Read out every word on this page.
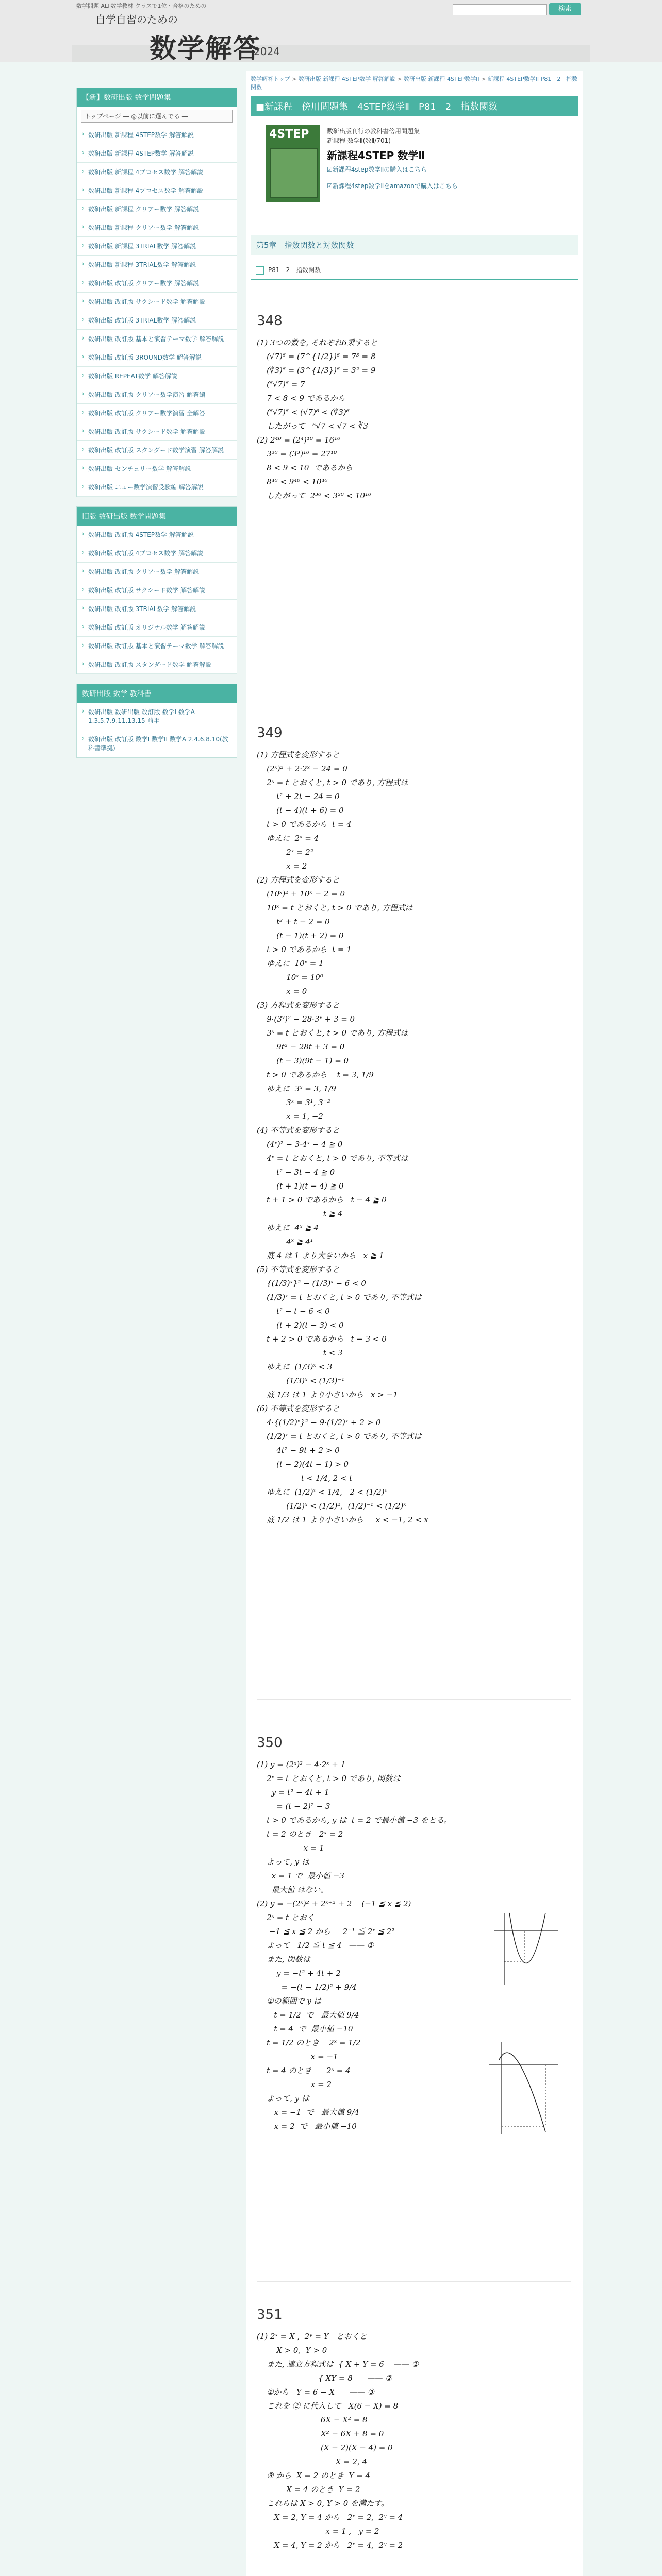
数学問題 ALT数学教材 クラスで1位・合格のための
自学自習のための
数学解答
2024
検索
【新】数研出版 数学問題集
トップページ ― ◎以前に選んでる ―
› 数研出版 新課程 4STEP数学 解答解説
› 数研出版 新課程 4STEP数学 解答解説
› 数研出版 新課程 4プロセス数学 解答解説
› 数研出版 新課程 4プロセス数学 解答解説
› 数研出版 新課程 クリアー数学 解答解説
› 数研出版 新課程 クリアー数学 解答解説
› 数研出版 新課程 3TRIAL数学 解答解説
› 数研出版 新課程 3TRIAL数学 解答解説
› 数研出版 改訂版 クリアー数学 解答解説
› 数研出版 改訂版 サクシード数学 解答解説
› 数研出版 改訂版 3TRIAL数学 解答解説
› 数研出版 改訂版 基本と演習テーマ数学 解答解説
› 数研出版 改訂版 3ROUND数学 解答解説
› 数研出版 REPEAT数学 解答解説
› 数研出版 改訂版 クリアー数学演習 解答編
› 数研出版 改訂版 クリアー数学演習 全解答
› 数研出版 改訂版 サクシード数学 解答解説
› 数研出版 改訂版 スタンダード数学演習 解答解説
› 数研出版 センチュリー数学 解答解説
› 数研出版 ニュー数学演習受験編 解答解説
旧版 数研出版 数学問題集
› 数研出版 改訂版 4STEP数学 解答解説
› 数研出版 改訂版 4プロセス数学 解答解説
› 数研出版 改訂版 クリアー数学 解答解説
› 数研出版 改訂版 サクシード数学 解答解説
› 数研出版 改訂版 3TRIAL数学 解答解説
› 数研出版 改訂版 オリジナル数学 解答解説
› 数研出版 改訂版 基本と演習テーマ数学 解答解説
› 数研出版 改訂版 スタンダード数学 解答解説
数研出版 数学 教科書
› 数研出版 数研出版 改訂版 数学I 数学A 1.3.5.7.9.11.13.15 前半
› 数研出版 改訂版 数学I 数学II 数学A 2.4.6.8.10(教科書準拠)
数学解答トップ > 数研出版 新課程 4STEP数学 解答解説 > 数研出版 新課程 4STEP数学II > 新課程 4STEP数学II P81　2　指数関数
■新課程　傍用問題集　4STEP数学Ⅱ　P81　2　指数関数
4STEP	数研出版刊行の教科書傍用問題集
新課程 数学Ⅱ(数Ⅱ/701)
新課程4STEP 数学Ⅱ
☑新課程4step数学Ⅱの購入はこちら
☑新課程4step数学Ⅱをamazonで購入はこちら
第5章　指数関数と対数関数
P81　2　指数関数
348
(1) 3つの数を, それぞれ6乗すると
(√7)⁶ = (7^{1/2})⁶ = 7³ = 8
(∛3)⁶ = (3^{1/3})⁶ = 3² = 9
(⁶√7)⁶ = 7
7 < 8 < 9 であるから
(⁶√7)⁶ < (√7)⁶ < (∛3)⁶
したがって   ⁶√7 < √7 < ∛3
(2) 2⁴⁰ = (2⁴)¹⁰ = 16¹⁰
3³⁰ = (3³)¹⁰ = 27¹⁰
8 < 9 < 10  であるから
8⁴⁰ < 9⁴⁰ < 10⁴⁰
したがって  2³⁰ < 3²⁰ < 10¹⁰
349
(1) 方程式を変形すると
(2ˣ)² + 2·2ˣ − 24 = 0
2ˣ = t とおくと, t > 0 であり, 方程式は
t² + 2t − 24 = 0
(t − 4)(t + 6) = 0
t > 0 であるから  t = 4
ゆえに  2ˣ = 4
2ˣ = 2²
x = 2
(2) 方程式を変形すると
(10ˣ)² + 10ˣ − 2 = 0
10ˣ = t とおくと, t > 0 であり, 方程式は
t² + t − 2 = 0
(t − 1)(t + 2) = 0
t > 0 であるから  t = 1
ゆえに  10ˣ = 1
10ˣ = 10⁰
x = 0
(3) 方程式を変形すると
9·(3ˣ)² − 28·3ˣ + 3 = 0
3ˣ = t とおくと, t > 0 であり, 方程式は
9t² − 28t + 3 = 0
(t − 3)(9t − 1) = 0
t > 0 であるから    t = 3, 1/9
ゆえに  3ˣ = 3, 1/9
3ˣ = 3¹, 3⁻²
x = 1, −2
(4) 不等式を変形すると
(4ˣ)² − 3·4ˣ − 4 ≧ 0
4ˣ = t とおくと, t > 0 であり, 不等式は
t² − 3t − 4 ≧ 0
(t + 1)(t − 4) ≧ 0
t + 1 > 0 であるから   t − 4 ≧ 0
t ≧ 4
ゆえに  4ˣ ≧ 4
4ˣ ≧ 4¹
底 4 は 1 より大きいから   x ≧ 1
(5) 不等式を変形すると
{(1/3)ˣ}² − (1/3)ˣ − 6 < 0
(1/3)ˣ = t とおくと, t > 0 であり, 不等式は
t² − t − 6 < 0
(t + 2)(t − 3) < 0
t + 2 > 0 であるから   t − 3 < 0
t < 3
ゆえに  (1/3)ˣ < 3
(1/3)ˣ < (1/3)⁻¹
底 1/3 は 1 より小さいから   x > −1
(6) 不等式を変形すると
4·{(1/2)ˣ}² − 9·(1/2)ˣ + 2 > 0
(1/2)ˣ = t とおくと, t > 0 であり, 不等式は
4t² − 9t + 2 > 0
(t − 2)(4t − 1) > 0
t < 1/4, 2 < t
ゆえに  (1/2)ˣ < 1/4,   2 < (1/2)ˣ
(1/2)ˣ < (1/2)²,  (1/2)⁻¹ < (1/2)ˣ
底 1/2 は 1 より小さいから     x < −1, 2 < x
350
(1) y = (2ˣ)² − 4·2ˣ + 1
2ˣ = t とおくと, t > 0 であり, 関数は
y = t² − 4t + 1
= (t − 2)² − 3
t > 0 であるから, y は  t = 2 で最小値 −3 をとる。
t = 2 のとき   2ˣ = 2
x = 1
よって, y は
x = 1 で  最小値 −3
最大値 はない。
(2) y = −(2ˣ)² + 2ˣ⁺² + 2    (−1 ≦ x ≦ 2)
2ˣ = t とおく
−1 ≦ x ≦ 2 から     2⁻¹ ≦ 2ˣ ≦ 2²
よって   1/2 ≦ t ≦ 4   —— ①
また, 関数は
y = −t² + 4t + 2
= −(t − 1/2)² + 9/4
①の範囲で y は
t = 1/2  で   最大値 9/4
t = 4  で  最小値 −10
t = 1/2 のとき    2ˣ = 1/2
x = −1
t = 4 のとき      2ˣ = 4
x = 2
よって, y は
x = −1  で   最大値 9/4
x = 2  で   最小値 −10
351
(1) 2ˣ = X ,  2ʸ = Y   とおくと
X > 0,  Y > 0
また, 連立方程式は  { X + Y = 6    —— ①
{ XY = 8      —— ②
①から   Y = 6 − X      —— ③
これを ② に代入して   X(6 − X) = 8
6X − X² = 8
X² − 6X + 8 = 0
(X − 2)(X − 4) = 0
X = 2, 4
③ から  X = 2 のとき  Y = 4
X = 4 のとき  Y = 2
これらは X > 0, Y > 0 を満たす。
X = 2, Y = 4 から   2ˣ = 2,  2ʸ = 4
x = 1 ,   y = 2
X = 4, Y = 2 から   2ˣ = 4,  2ʸ = 2
